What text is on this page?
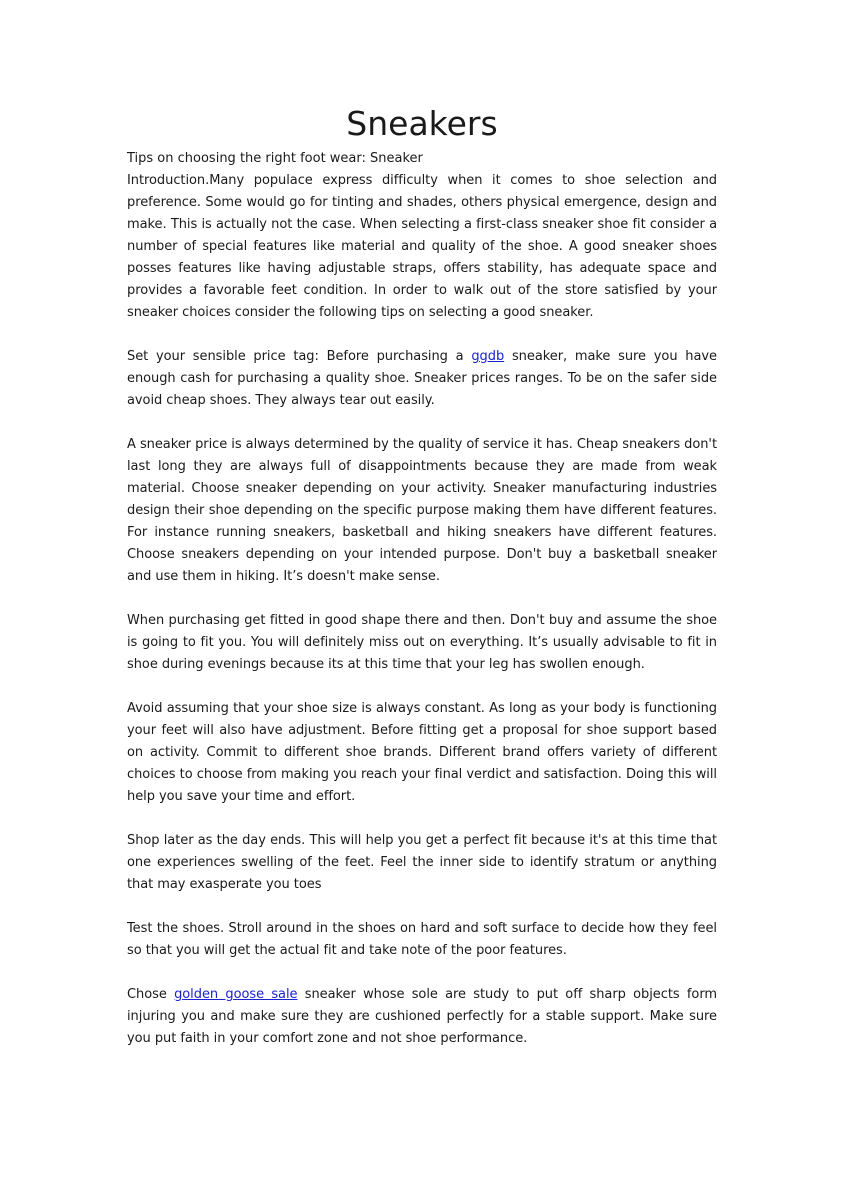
Sneakers

Tips on choosing the right foot wear: Sneaker

Introduction.Many populace express difficulty when it comes to shoe selection and preference. Some would go for tinting and shades, others physical emergence, design and make. This is actually not the case. When selecting a first-class sneaker shoe fit consider a number of special features like material and quality of the shoe. A good sneaker shoes posses features like having adjustable straps, offers stability, has adequate space and provides a favorable feet condition. In order to walk out of the store satisfied by your sneaker choices consider the following tips on selecting a good sneaker.

Set your sensible price tag: Before purchasing a ggdb sneaker, make sure you have enough cash for purchasing a quality shoe. Sneaker prices ranges. To be on the safer side avoid cheap shoes. They always tear out easily.

A sneaker price is always determined by the quality of service it has. Cheap sneakers don't last long they are always full of disappointments because they are made from weak material. Choose sneaker depending on your activity. Sneaker manufacturing industries design their shoe depending on the specific purpose making them have different features. For instance running sneakers, basketball and hiking sneakers have different features. Choose sneakers depending on your intended purpose. Don't buy a basketball sneaker and use them in hiking. It’s doesn't make sense.

When purchasing get fitted in good shape there and then. Don't buy and assume the shoe is going to fit you. You will definitely miss out on everything. It’s usually advisable to fit in shoe during evenings because its at this time that your leg has swollen enough.

Avoid assuming that your shoe size is always constant. As long as your body is functioning your feet will also have adjustment. Before fitting get a proposal for shoe support based on activity. Commit to different shoe brands. Different brand offers variety of different choices to choose from making you reach your final verdict and satisfaction. Doing this will help you save your time and effort.

Shop later as the day ends. This will help you get a perfect fit because it's at this time that one experiences swelling of the feet. Feel the inner side to identify stratum or anything that may exasperate you toes

Test the shoes. Stroll around in the shoes on hard and soft surface to decide how they feel so that you will get the actual fit and take note of the poor features.

Chose golden goose sale sneaker whose sole are study to put off sharp objects form injuring you and make sure they are cushioned perfectly for a stable support. Make sure you put faith in your comfort zone and not shoe performance.
